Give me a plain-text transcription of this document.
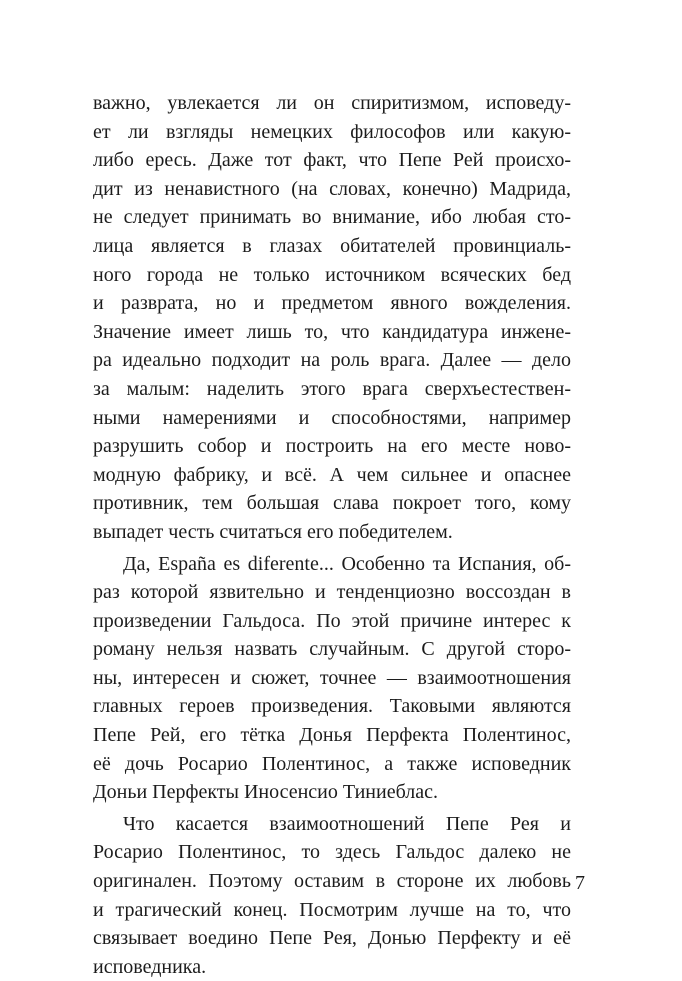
важно, увлекается ли он спиритизмом, исповеду-
ет ли взгляды немецких философов или какую-
либо ересь. Даже тот факт, что Пепе Рей происхо-
дит из ненавистного (на словах, конечно) Мадрида,
не следует принимать во внимание, ибо любая сто-
лица является в глазах обитателей провинциаль-
ного города не только источником всяческих бед
и разврата, но и предметом явного вожделения.
Значение имеет лишь то, что кандидатура инжене-
ра идеально подходит на роль врага. Далее — дело
за малым: наделить этого врага сверхъестествен-
ными намерениями и способностями, например
разрушить собор и построить на его месте ново-
модную фабрику, и всё. А чем сильнее и опаснее
противник, тем большая слава покроет того, кому
выпадет честь считаться его победителем.
Да, España es diferente... Особенно та Испания, об-
раз которой язвительно и тенденциозно воссоздан в
произведении Гальдоса. По этой причине интерес к
роману нельзя назвать случайным. С другой сторо-
ны, интересен и сюжет, точнее — взаимоотношения
главных героев произведения. Таковыми являются
Пепе Рей, его тётка Донья Перфекта Полентинос,
её дочь Росарио Полентинос, а также исповедник
Доньи Перфекты Иносенсио Тиниеблас.
Что касается взаимоотношений Пепе Рея и
Росарио Полентинос, то здесь Гальдос далеко не
оригинален. Поэтому оставим в стороне их любовь
и трагический конец. Посмотрим лучше на то, что
связывает воедино Пепе Рея, Донью Перфекту и её
исповедника.
7
